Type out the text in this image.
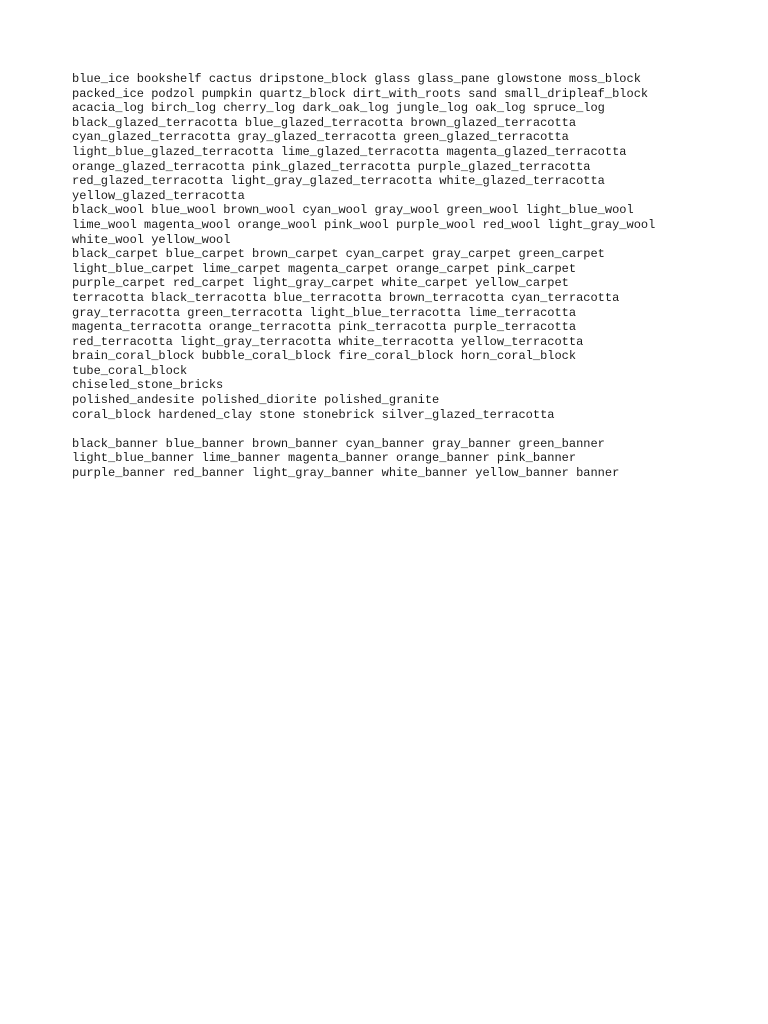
blue_ice bookshelf cactus dripstone_block glass glass_pane glowstone moss_block
packed_ice podzol pumpkin quartz_block dirt_with_roots sand small_dripleaf_block
acacia_log birch_log cherry_log dark_oak_log jungle_log oak_log spruce_log
black_glazed_terracotta blue_glazed_terracotta brown_glazed_terracotta
cyan_glazed_terracotta gray_glazed_terracotta green_glazed_terracotta
light_blue_glazed_terracotta lime_glazed_terracotta magenta_glazed_terracotta
orange_glazed_terracotta pink_glazed_terracotta purple_glazed_terracotta
red_glazed_terracotta light_gray_glazed_terracotta white_glazed_terracotta
yellow_glazed_terracotta
black_wool blue_wool brown_wool cyan_wool gray_wool green_wool light_blue_wool
lime_wool magenta_wool orange_wool pink_wool purple_wool red_wool light_gray_wool
white_wool yellow_wool
black_carpet blue_carpet brown_carpet cyan_carpet gray_carpet green_carpet
light_blue_carpet lime_carpet magenta_carpet orange_carpet pink_carpet
purple_carpet red_carpet light_gray_carpet white_carpet yellow_carpet
terracotta black_terracotta blue_terracotta brown_terracotta cyan_terracotta
gray_terracotta green_terracotta light_blue_terracotta lime_terracotta
magenta_terracotta orange_terracotta pink_terracotta purple_terracotta
red_terracotta light_gray_terracotta white_terracotta yellow_terracotta
brain_coral_block bubble_coral_block fire_coral_block horn_coral_block
tube_coral_block
chiseled_stone_bricks
polished_andesite polished_diorite polished_granite
coral_block hardened_clay stone stonebrick silver_glazed_terracotta
black_banner blue_banner brown_banner cyan_banner gray_banner green_banner
light_blue_banner lime_banner magenta_banner orange_banner pink_banner
purple_banner red_banner light_gray_banner white_banner yellow_banner banner
